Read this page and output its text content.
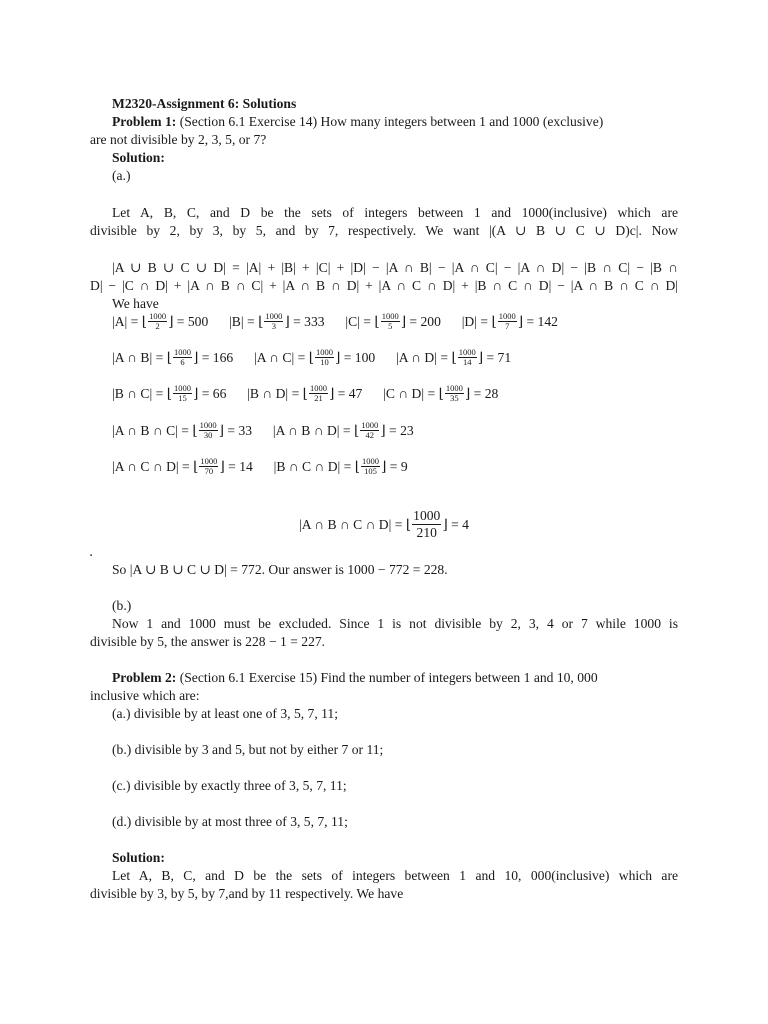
M2320-Assignment 6: Solutions
Problem 1: (Section 6.1 Exercise 14) How many integers between 1 and 1000 (exclusive)
are not divisible by 2, 3, 5, or 7?
Solution:
(a.)
Let A, B, C, and D be the sets of integers between 1 and 1000(inclusive) which are
divisible by 2, by 3, by 5, and by 7, respectively. We want |(A ∪ B ∪ C ∪ D)c|. Now
|A ∪ B ∪ C ∪ D| = |A| + |B| + |C| + |D| − |A ∩ B| − |A ∩ C| − |A ∩ D| − |B ∩ C| − |B ∩
D| − |C ∩ D| + |A ∩ B ∩ C| + |A ∩ B ∩ D| + |A ∩ C ∩ D| + |B ∩ C ∩ D| − |A ∩ B ∩ C ∩ D|
We have
|A| = ⌊ $\frac{1000}{2}$ ⌋ = 500 |B| = ⌊ $\frac{1000}{3}$ ⌋ = 333 |C| = ⌊ $\frac{1000}{5}$ ⌋ = 200 |D| = ⌊ $\frac{1000}{7}$ ⌋ = 142
|A ∩ B| = ⌊ $\frac{1000}{6}$ ⌋ = 166 |A ∩ C| = ⌊ $\frac{1000}{10}$ ⌋ = 100 |A ∩ D| = ⌊ $\frac{1000}{14}$ ⌋ = 71
|B ∩ C| = ⌊ $\frac{1000}{15}$ ⌋ = 66 |B ∩ D| = ⌊ $\frac{1000}{21}$ ⌋ = 47 |C ∩ D| = ⌊ $\frac{1000}{35}$ ⌋ = 28
|A ∩ B ∩ C| = ⌊ $\frac{1000}{30}$ ⌋ = 33 |A ∩ B ∩ D| = ⌊ $\frac{1000}{42}$ ⌋ = 23
|A ∩ C ∩ D| = ⌊ $\frac{1000}{70}$ ⌋ = 14 |B ∩ C ∩ D| = ⌊ $\frac{1000}{105}$ ⌋ = 9
|A ∩ B ∩ C ∩ D| = ⌊ $\frac{1000}{210}$ ⌋ = 4
.
So |A ∪ B ∪ C ∪ D| = 772. Our answer is 1000 − 772 = 228.
(b.)
Now 1 and 1000 must be excluded. Since 1 is not divisible by 2, 3, 4 or 7 while 1000 is
divisible by 5, the answer is 228 − 1 = 227.
Problem 2: (Section 6.1 Exercise 15) Find the number of integers between 1 and 10, 000
inclusive which are:
(a.) divisible by at least one of 3, 5, 7, 11;
(b.) divisible by 3 and 5, but not by either 7 or 11;
(c.) divisible by exactly three of 3, 5, 7, 11;
(d.) divisible by at most three of 3, 5, 7, 11;
Solution:
Let A, B, C, and D be the sets of integers between 1 and 10, 000(inclusive) which are
divisible by 3, by 5, by 7,and by 11 respectively. We have
